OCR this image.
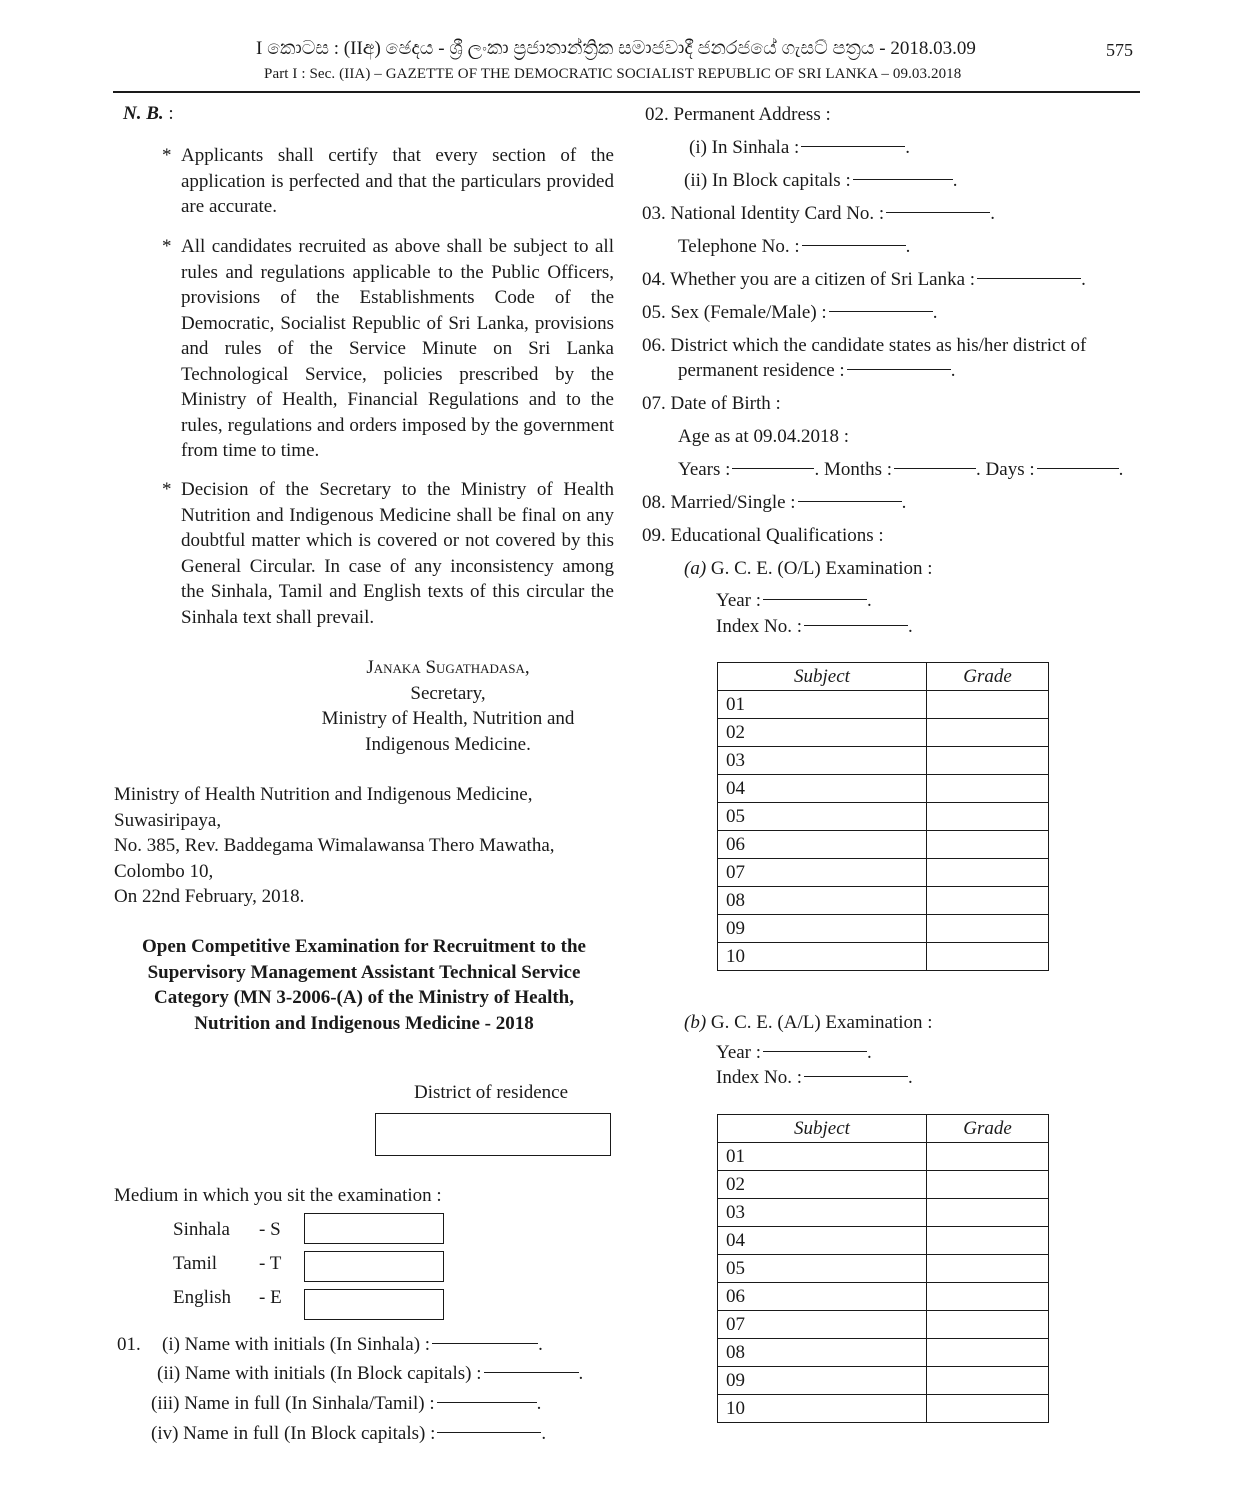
I කොටස : (IIඅ) ඡෙදය - ශ්‍රී ලංකා ප්‍රජාතාන්ත්‍රික සමාජවාදී ජනරජයේ ගැසට් පත්‍රය - 2018.03.09
Part I : Sec. (IIA) – GAZETTE OF THE DEMOCRATIC SOCIALIST REPUBLIC OF SRI LANKA – 09.03.2018
575
N. B. :
* Applicants shall certify that every section of the application is perfected and that the particulars provided are accurate.
* All candidates recruited as above shall be subject to all rules and regulations applicable to the Public Officers, provisions of the Establishments Code of the Democratic, Socialist Republic of Sri Lanka, provisions and rules of the Service Minute on Sri Lanka Technological Service, policies prescribed by the Ministry of Health, Financial Regulations and to the rules, regulations and orders imposed by the government from time to time.
* Decision of the Secretary to the Ministry of Health Nutrition and Indigenous Medicine shall be final on any doubtful matter which is covered or not covered by this General Circular. In case of any inconsistency among the Sinhala, Tamil and English texts of this circular the Sinhala text shall prevail.
Janaka Sugathadasa,
Secretary,
Ministry of Health, Nutrition and
Indigenous Medicine.
Ministry of Health Nutrition and Indigenous Medicine,
Suwasiripaya,
No. 385, Rev. Baddegama Wimalawansa Thero Mawatha,
Colombo 10,
On 22nd February, 2018.
Open Competitive Examination for Recruitment to the
Supervisory Management Assistant Technical Service
Category (MN 3-2006-(A) of the Ministry of Health,
Nutrition and Indigenous Medicine - 2018
District of residence
Medium in which you sit the examination :
Sinhala - S
Tamil - T
English - E
01. (i) Name with initials (In Sinhala) :	.
(ii) Name with initials (In Block capitals) :	.
(iii) Name in full (In Sinhala/Tamil) :	.
(iv) Name in full (In Block capitals) :	.
02. Permanent Address :
(i) In Sinhala :	.
(ii) In Block capitals :	.
03. National Identity Card No. :	.
Telephone No. :	.
04. Whether you are a citizen of Sri Lanka :	.
05. Sex (Female/Male) :	.
06. District which the candidate states as his/her district of
permanent residence :	.
07. Date of Birth :
Age as at 09.04.2018 :
Years :	. Months :	. Days :	.
08. Married/Single :	.
09. Educational Qualifications :
(a) G. C. E. (O/L) Examination :
Year :	.
Index No. :	.
Subject	Grade
01	
02	
03	
04	
05	
06	
07	
08	
09	
10	
(b) G. C. E. (A/L) Examination :
Year :	.
Index No. :	.
Subject	Grade
01	
02	
03	
04	
05	
06	
07	
08	
09	
10	
